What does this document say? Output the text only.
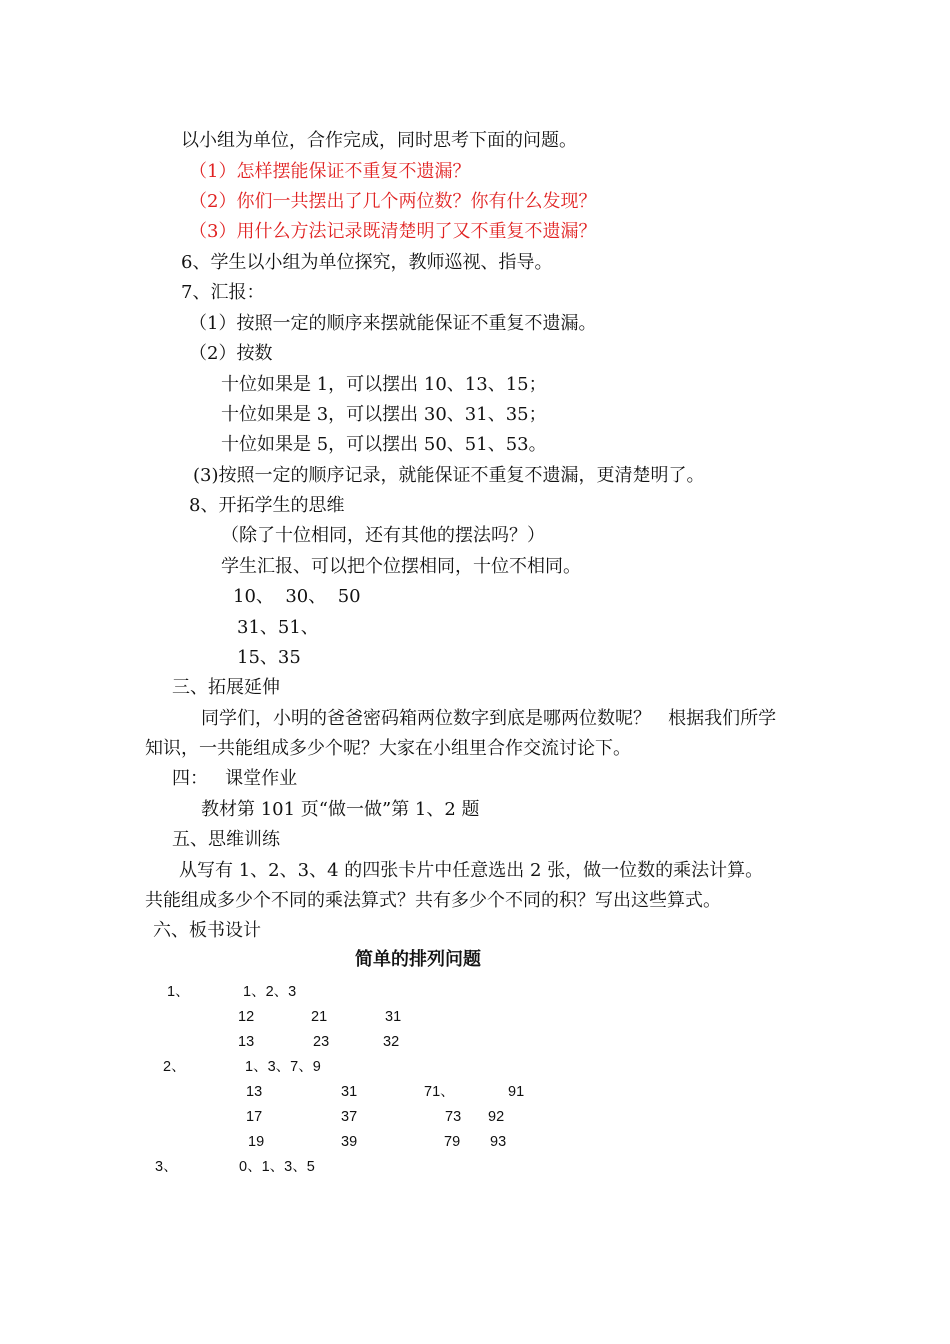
以小组为单位，合作完成，同时思考下面的问题。
（1）怎样摆能保证不重复不遗漏？
（2）你们一共摆出了几个两位数？你有什么发现？
（3）用什么方法记录既清楚明了又不重复不遗漏？
6、学生以小组为单位探究，教师巡视、指导。
7、汇报：
（1）按照一定的顺序来摆就能保证不重复不遗漏。
（2）按数
十位如果是 1，可以摆出 10、13、15；
十位如果是 3，可以摆出 30、31、35；
十位如果是 5，可以摆出 50、51、53。
(3)按照一定的顺序记录，就能保证不重复不遗漏，更清楚明了。
8、开拓学生的思维
（除了十位相同，还有其他的摆法吗？）
学生汇报、可以把个位摆相同，十位不相同。
10、  30、  50
31、51、
15、35
三、拓展延伸
同学们，小明的爸爸密码箱两位数字到底是哪两位数呢？   根据我们所学
知识，一共能组成多少个呢？大家在小组里合作交流讨论下。
四：   课堂作业
教材第 101 页“做一做”第 1、2 题
五、思维训练
从写有 1、2、3、4 的四张卡片中任意选出 2 张，做一位数的乘法计算。
共能组成多少个不同的乘法算式？共有多少个不同的积？写出这些算式。
六、板书设计
简单的排列问题
1、	1、2、3
12	21	31
13	23	32
2、	1、3、7、9
13	31	71、	91
17	37	73 92
19	39	79 93
3、	0、1、3、5
